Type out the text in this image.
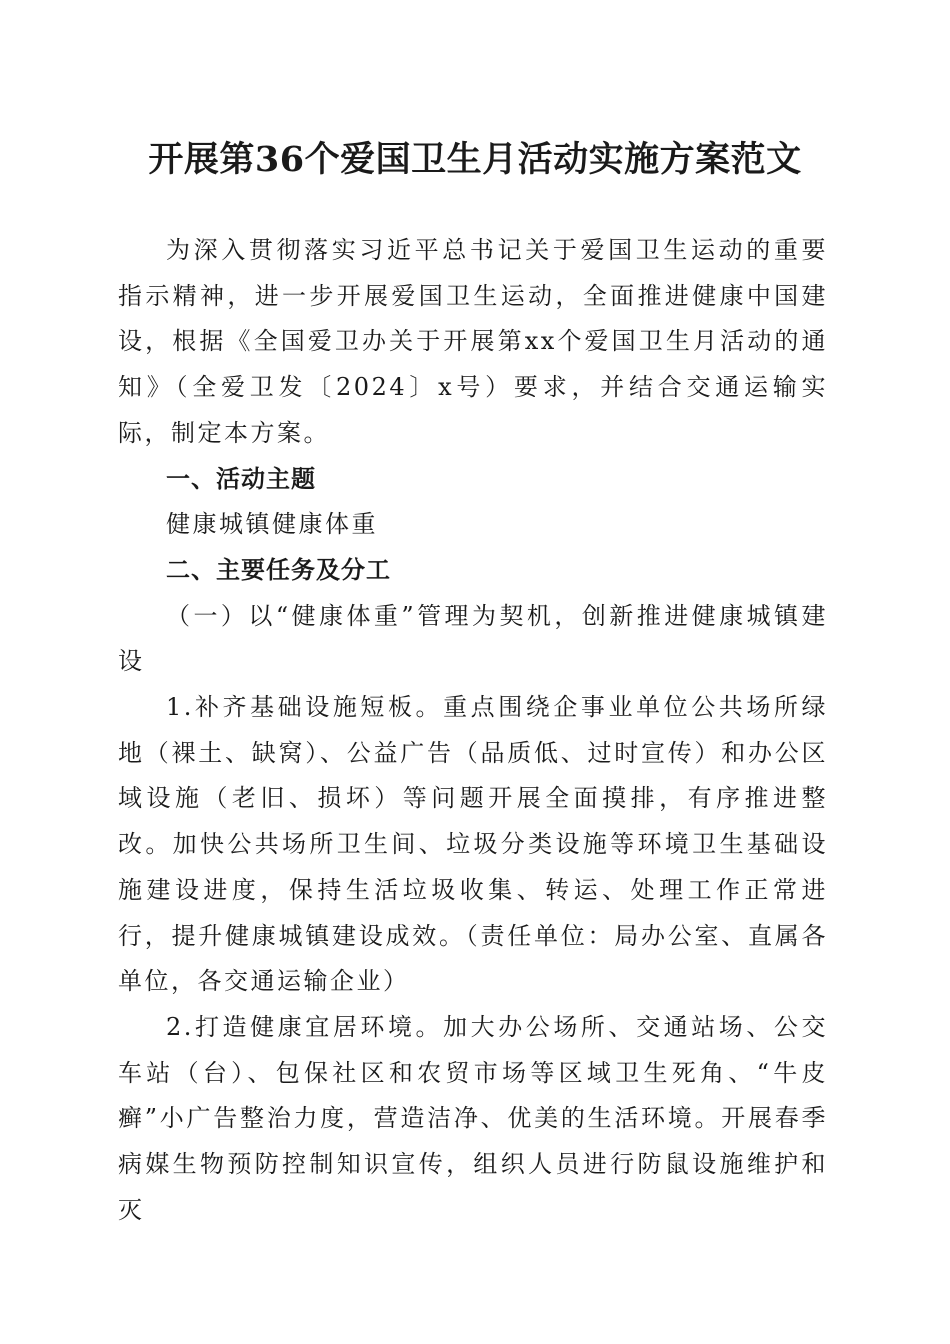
开展第36个爱国卫生月活动实施方案范文

为深入贯彻落实习近平总书记关于爱国卫生运动的重要指示精神，进一步开展爱国卫生运动，全面推进健康中国建设，根据《全国爱卫办关于开展第xx个爱国卫生月活动的通知》（全爱卫发〔2024〕x号）要求，并结合交通运输实际，制定本方案。

一、活动主题

健康城镇健康体重

二、主要任务及分工

（一）以“健康体重”管理为契机，创新推进健康城镇建设

1.补齐基础设施短板。重点围绕企事业单位公共场所绿地（裸土、缺窝）、公益广告（品质低、过时宣传）和办公区域设施（老旧、损坏）等问题开展全面摸排，有序推进整改。加快公共场所卫生间、垃圾分类设施等环境卫生基础设施建设进度，保持生活垃圾收集、转运、处理工作正常进行，提升健康城镇建设成效。（责任单位：局办公室、直属各单位，各交通运输企业）

2.打造健康宜居环境。加大办公场所、交通站场、公交车站（台）、包保社区和农贸市场等区域卫生死角、“牛皮癣”小广告整治力度，营造洁净、优美的生活环境。开展春季病媒生物预防控制知识宣传，组织人员进行防鼠设施维护和灭
